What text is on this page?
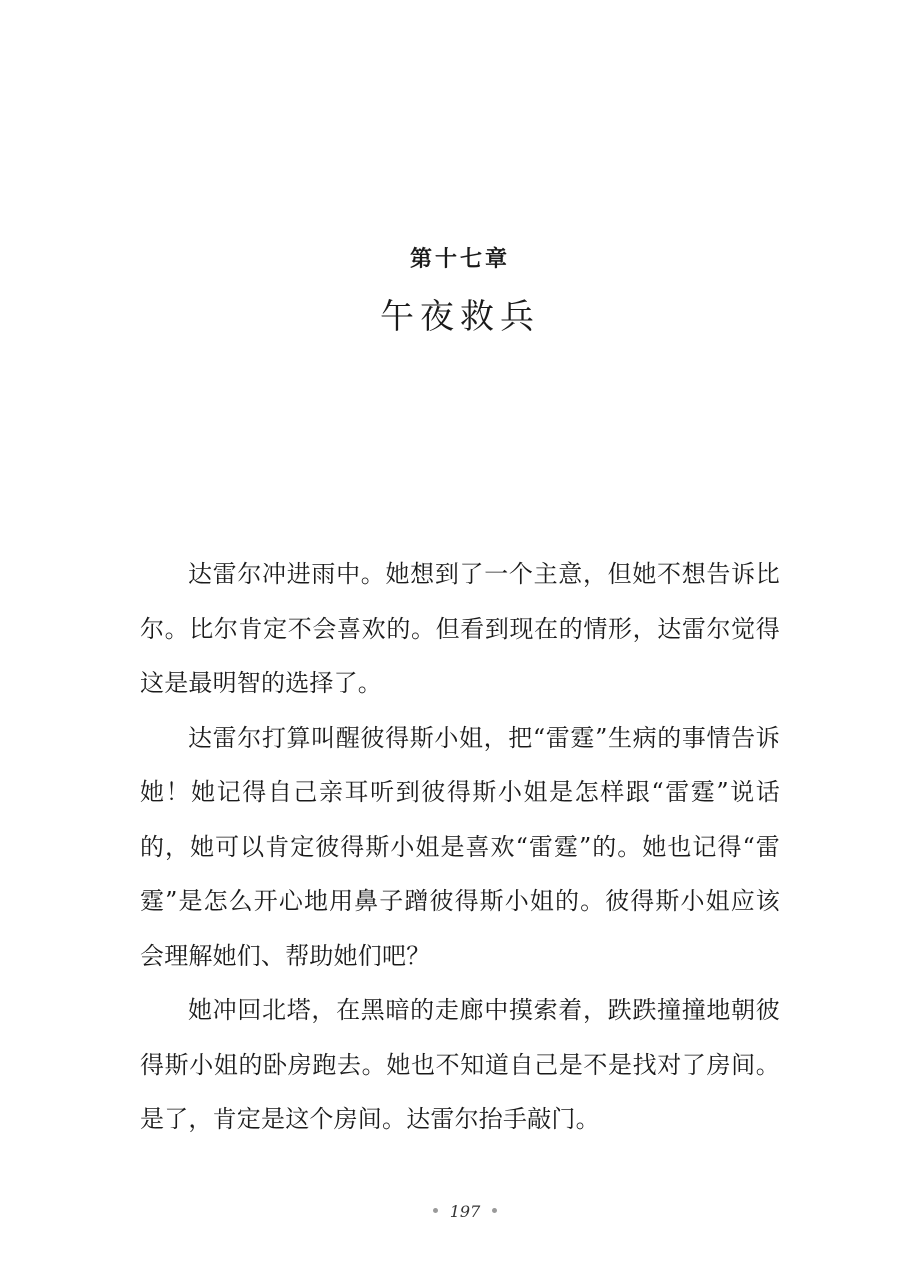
第十七章
午夜救兵

达雷尔冲进雨中。她想到了一个主意，但她不想告诉比尔。比尔肯定不会喜欢的。但看到现在的情形，达雷尔觉得这是最明智的选择了。

达雷尔打算叫醒彼得斯小姐，把“雷霆”生病的事情告诉她！她记得自己亲耳听到彼得斯小姐是怎样跟“雷霆”说话的，她可以肯定彼得斯小姐是喜欢“雷霆”的。她也记得“雷霆”是怎么开心地用鼻子蹭彼得斯小姐的。彼得斯小姐应该会理解她们、帮助她们吧？

她冲回北塔，在黑暗的走廊中摸索着，跌跌撞撞地朝彼得斯小姐的卧房跑去。她也不知道自己是不是找对了房间。是了，肯定是这个房间。达雷尔抬手敲门。

197
